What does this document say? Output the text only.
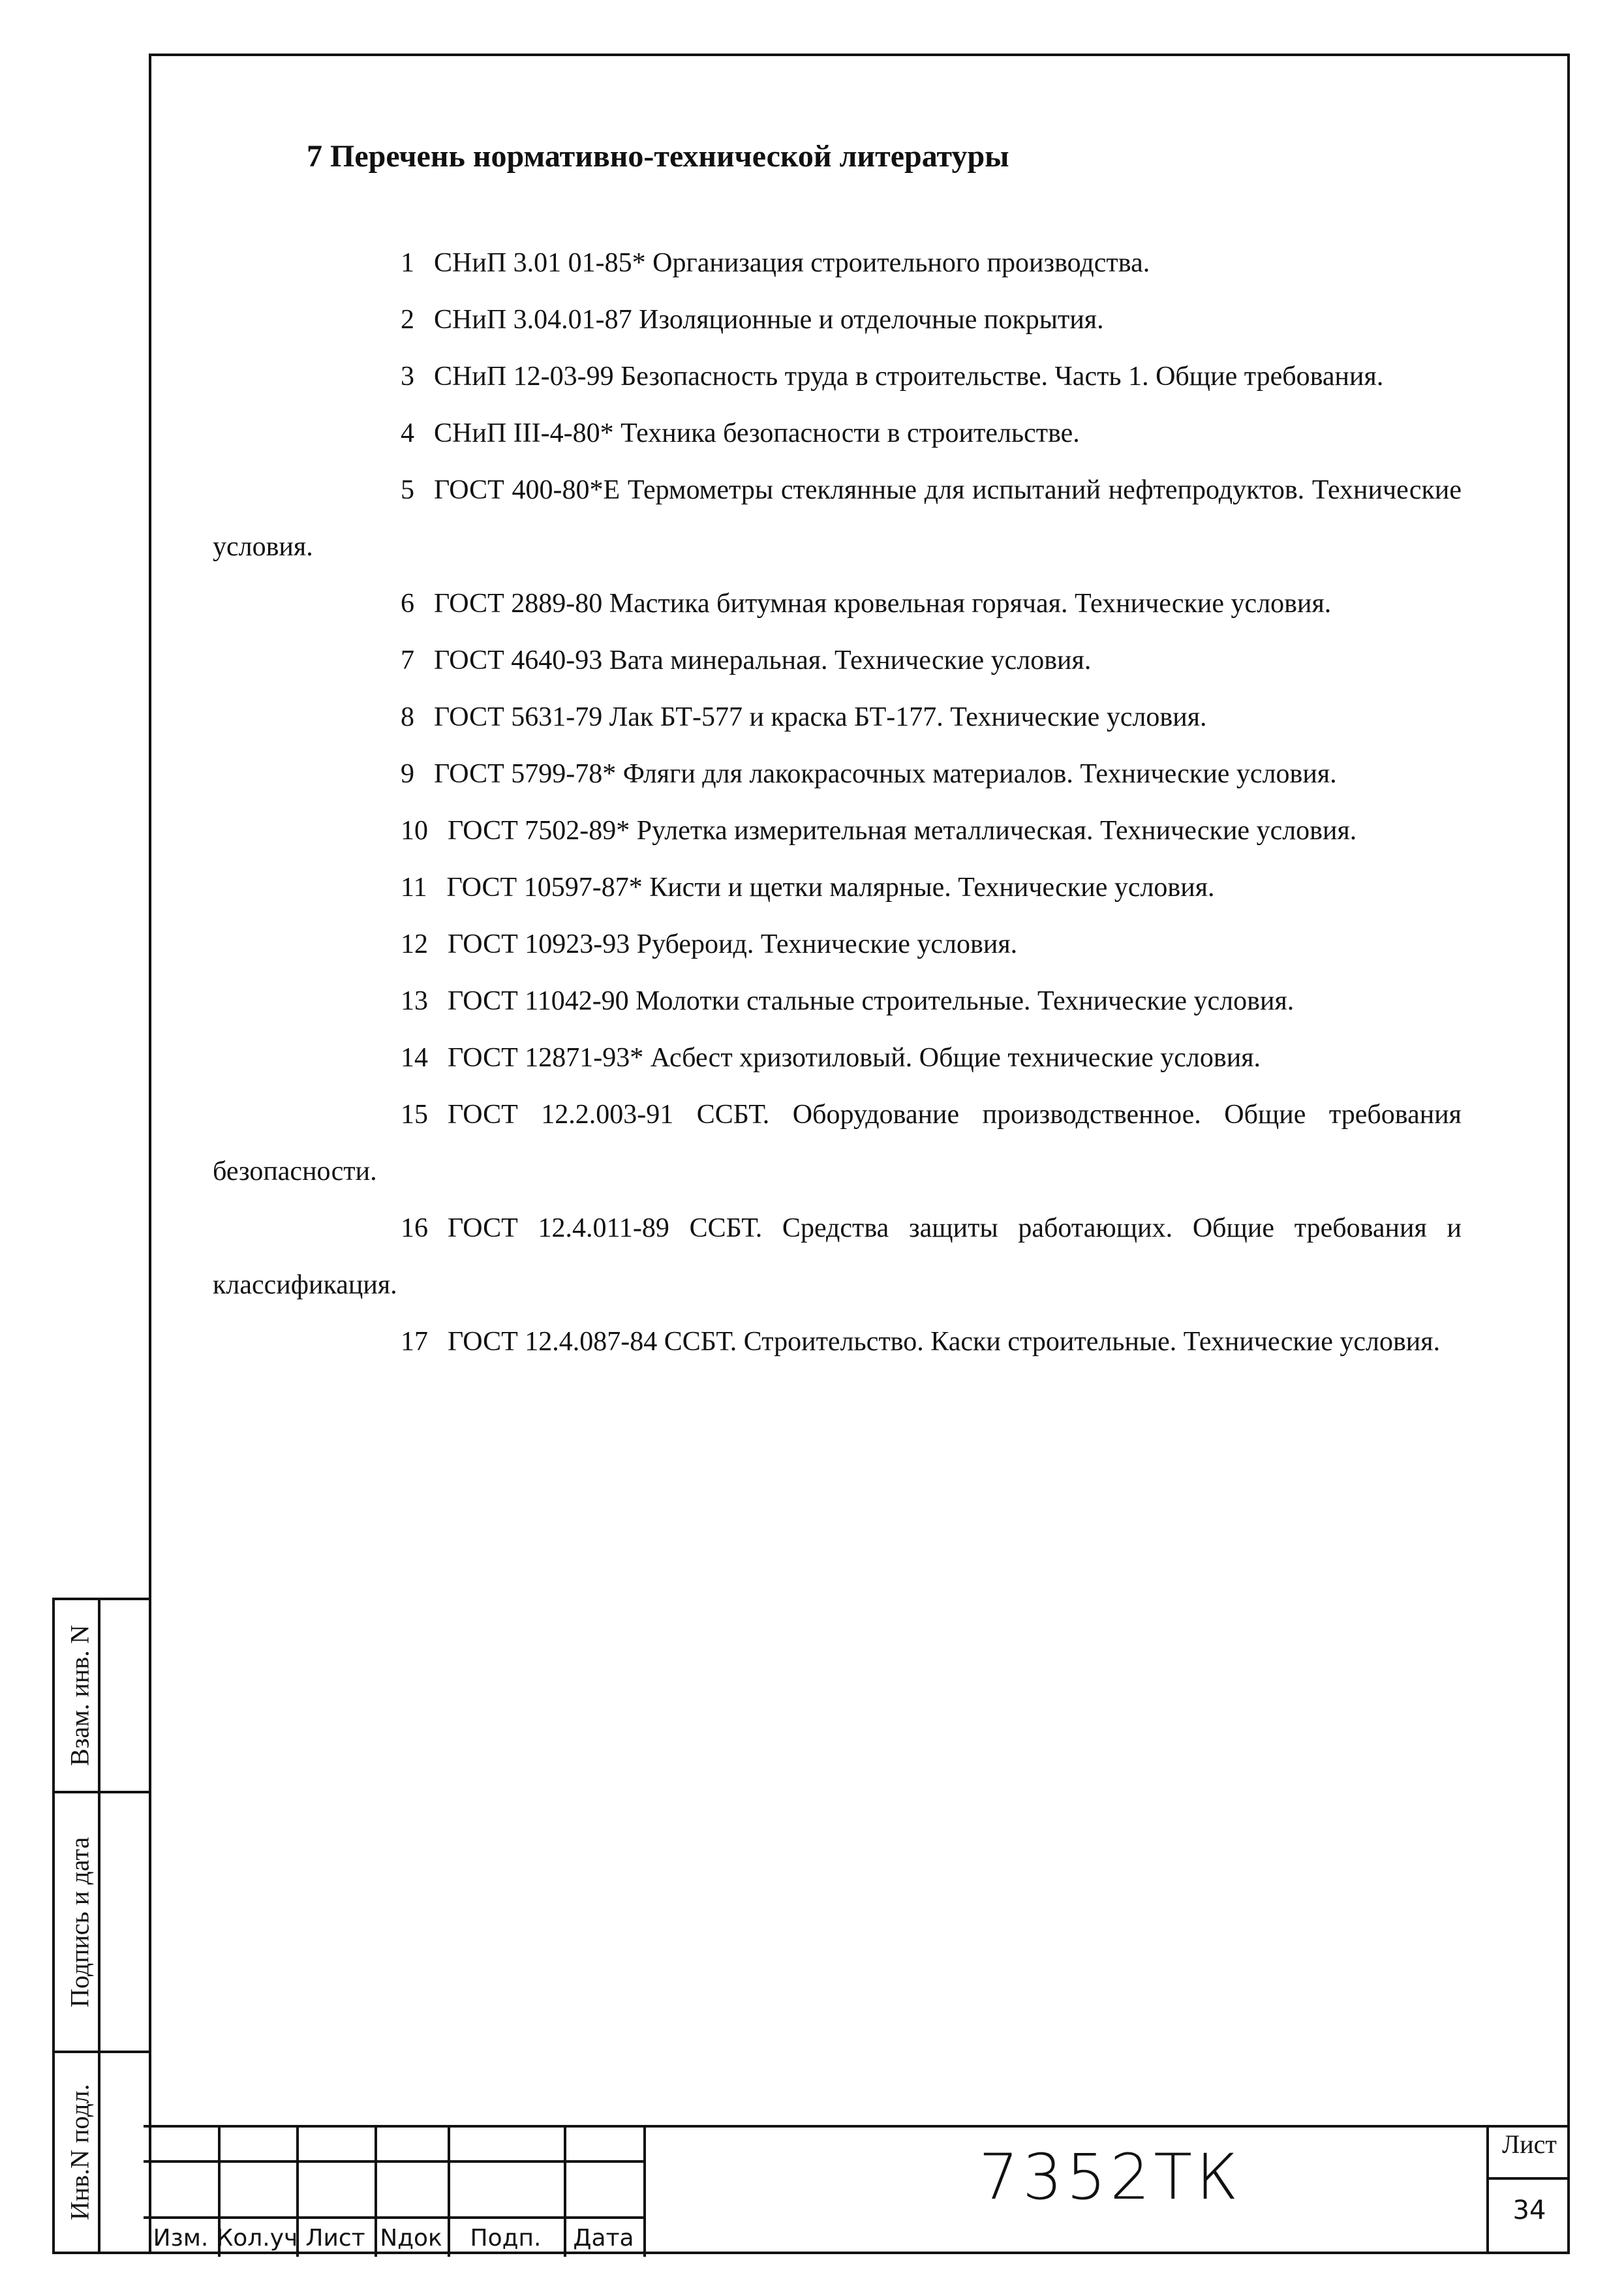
7 Перечень нормативно-технической литературы

1 СНиП 3.01 01-85* Организация строительного производства.

2 СНиП 3.04.01-87 Изоляционные и отделочные покрытия.

3 СНиП 12-03-99 Безопасность труда в строительстве. Часть 1. Общие требования.

4 СНиП III-4-80* Техника безопасности в строительстве.

5 ГОСТ 400-80*Е Термометры стеклянные для испытаний нефтепродуктов. Технические условия.

6 ГОСТ 2889-80 Мастика битумная кровельная горячая. Технические условия.

7 ГОСТ 4640-93 Вата минеральная. Технические условия.

8 ГОСТ 5631-79 Лак БТ-577 и краска БТ-177. Технические условия.

9 ГОСТ 5799-78* Фляги для лакокрасочных материалов. Технические условия.

10 ГОСТ 7502-89* Рулетка измерительная металлическая. Технические условия.

11 ГОСТ 10597-87* Кисти и щетки малярные. Технические условия.

12 ГОСТ 10923-93 Рубероид. Технические условия.

13 ГОСТ 11042-90 Молотки стальные строительные. Технические условия.

14 ГОСТ 12871-93* Асбест хризотиловый. Общие технические условия.

15 ГОСТ 12.2.003-91 ССБТ. Оборудование производственное. Общие требования безопасности.

16 ГОСТ 12.4.011-89 ССБТ. Средства защиты работающих. Общие требования и классификация.

17 ГОСТ 12.4.087-84 ССБТ. Строительство. Каски строительные. Технические условия.

Взам. инв. N
Подпись и дата
Инв.N подл.
Изм. Кол.уч Лист Nдок	Подп.	Дата
7352ТК	Лист
34
